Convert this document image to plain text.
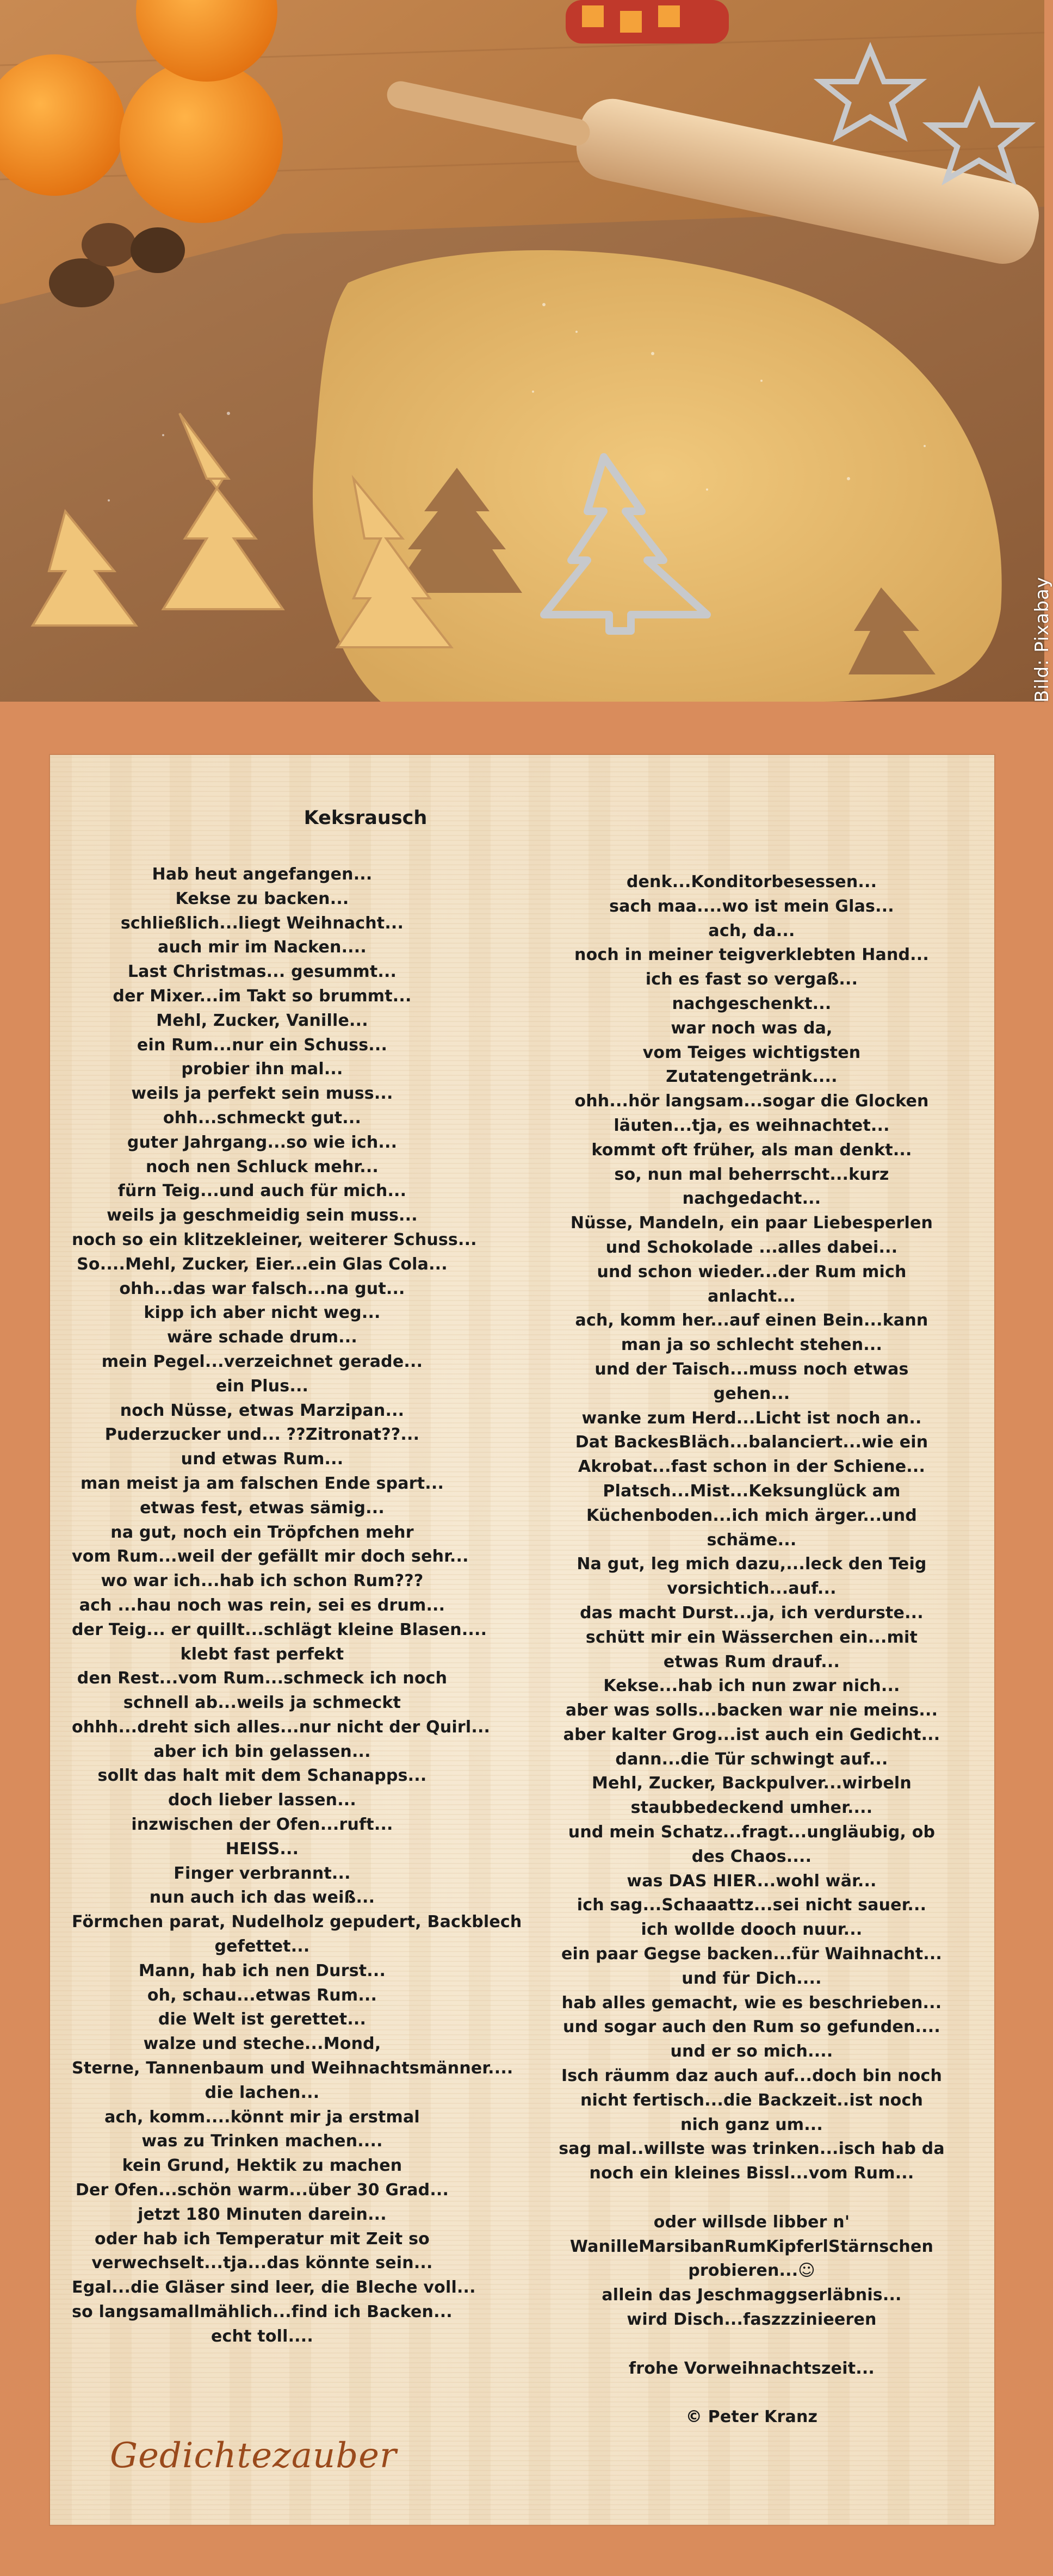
Bild: Pixabay
Keksrausch
Hab heut angefangen...
Kekse zu backen...
schließlich...liegt Weihnacht...
auch mir im Nacken....
Last Christmas... gesummt...
der Mixer...im Takt so brummt...
Mehl, Zucker, Vanille...
ein Rum...nur ein Schuss...
probier ihn mal...
weils ja perfekt sein muss...
ohh...schmeckt gut...
guter Jahrgang...so wie ich...
noch nen Schluck mehr...
fürn Teig...und auch für mich...
weils ja geschmeidig sein muss...
noch so ein klitzekleiner, weiterer Schuss...
So....Mehl, Zucker, Eier...ein Glas Cola...
ohh...das war falsch...na gut...
kipp ich aber nicht weg...
wäre schade drum...
mein Pegel...verzeichnet gerade...
ein Plus...
noch Nüsse, etwas Marzipan...
Puderzucker und... ??Zitronat??...
und etwas Rum...
man meist ja am falschen Ende spart...
etwas fest, etwas sämig...
na gut, noch ein Tröpfchen mehr
vom Rum...weil der gefällt mir doch sehr...
wo war ich...hab ich schon Rum???
ach ...hau noch was rein, sei es drum...
der Teig... er quillt...schlägt kleine Blasen....
klebt fast perfekt
den Rest...vom Rum...schmeck ich noch
schnell ab...weils ja schmeckt
ohhh...dreht sich alles...nur nicht der Quirl...
aber ich bin gelassen...
sollt das halt mit dem Schanapps...
doch lieber lassen...
inzwischen der Ofen...ruft...
HEISS...
Finger verbrannt...
nun auch ich das weiß...
Förmchen parat, Nudelholz gepudert, Backblech
gefettet...
Mann, hab ich nen Durst...
oh, schau...etwas Rum...
die Welt ist gerettet...
walze und steche...Mond,
Sterne, Tannenbaum und Weihnachtsmänner....
die lachen...
ach, komm....könnt mir ja erstmal
was zu Trinken machen....
kein Grund, Hektik zu machen
Der Ofen...schön warm...über 30 Grad...
jetzt 180 Minuten darein...
oder hab ich Temperatur mit Zeit so
verwechselt...tja...das könnte sein...
Egal...die Gläser sind leer, die Bleche voll...
so langsamallmählich...find ich Backen...
echt toll....
denk...Konditorbesessen...
sach maa....wo ist mein Glas...
ach, da...
noch in meiner teigverklebten Hand...
ich es fast so vergaß...
nachgeschenkt...
war noch was da,
vom Teiges wichtigsten
Zutatengetränk....
ohh...hör langsam...sogar die Glocken
läuten...tja, es weihnachtet...
kommt oft früher, als man denkt...
so, nun mal beherrscht...kurz
nachgedacht...
Nüsse, Mandeln, ein paar Liebesperlen
und Schokolade ...alles dabei...
und schon wieder...der Rum mich
anlacht...
ach, komm her...auf einen Bein...kann
man ja so schlecht stehen...
und der Taisch...muss noch etwas
gehen...
wanke zum Herd...Licht ist noch an..
Dat BackesBläch...balanciert...wie ein
Akrobat...fast schon in der Schiene...
Platsch...Mist...Keksunglück am
Küchenboden...ich mich ärger...und
schäme...
Na gut, leg mich dazu,...leck den Teig
vorsichtich...auf...
das macht Durst...ja, ich verdurste...
schütt mir ein Wässerchen ein...mit
etwas Rum drauf...
Kekse...hab ich nun zwar nich...
aber was solls...backen war nie meins...
aber kalter Grog...ist auch ein Gedicht...
dann...die Tür schwingt auf...
Mehl, Zucker, Backpulver...wirbeln
staubbedeckend umher....
und mein Schatz...fragt...ungläubig, ob
des Chaos....
was DAS HIER...wohl wär...
ich sag...Schaaattz...sei nicht sauer...
ich wollde dooch nuur...
ein paar Gegse backen...für Waihnacht...
und für Dich....
hab alles gemacht, wie es beschrieben...
und sogar auch den Rum so gefunden....
und er so mich....
Isch räumm daz auch auf...doch bin noch
nicht fertisch...die Backzeit..ist noch
nich ganz um...
sag mal..willste was trinken...isch hab da
noch ein kleines Bissl...vom Rum...
oder willsde libber n'
WanilleMarsibanRumKipferlStärnschen
probieren...☺
allein das Jeschmaggserläbnis...
wird Disch...faszzzinieeren
frohe Vorweihnachtszeit...
© Peter Kranz
Gedichtezauber
